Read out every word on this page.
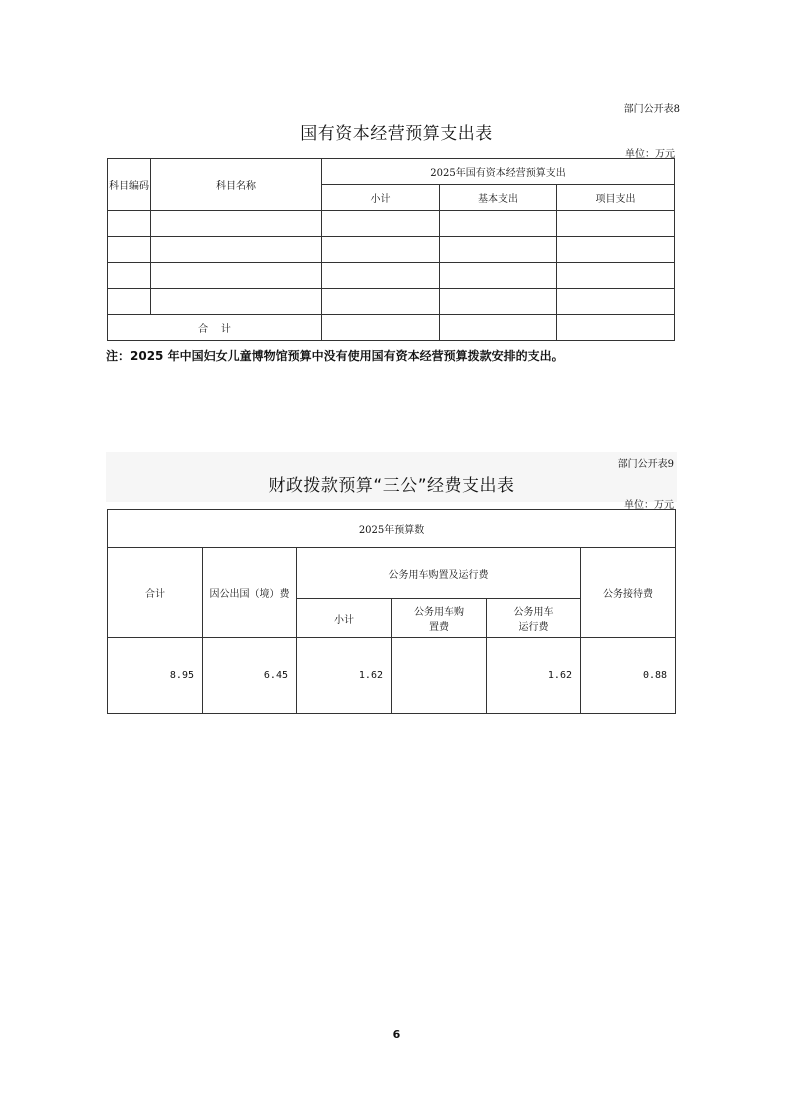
部门公开表8
国有资本经营预算支出表
单位：万元
科目编码	科目名称	2025年国有资本经营预算支出		
		小计	基本支出	项目支出

合    计				
注：2025 年中国妇女儿童博物馆预算中没有使用国有资本经营预算拨款安排的支出。
部门公开表9
财政拨款预算“三公”经费支出表
单位：万元
2025年预算数					
合计	因公出国（境）费	公务用车购置及运行费			公务接待费
		小计	公务用车购置费	公务用车运行费	
8.95	6.45	1.62		1.62	0.88
6
